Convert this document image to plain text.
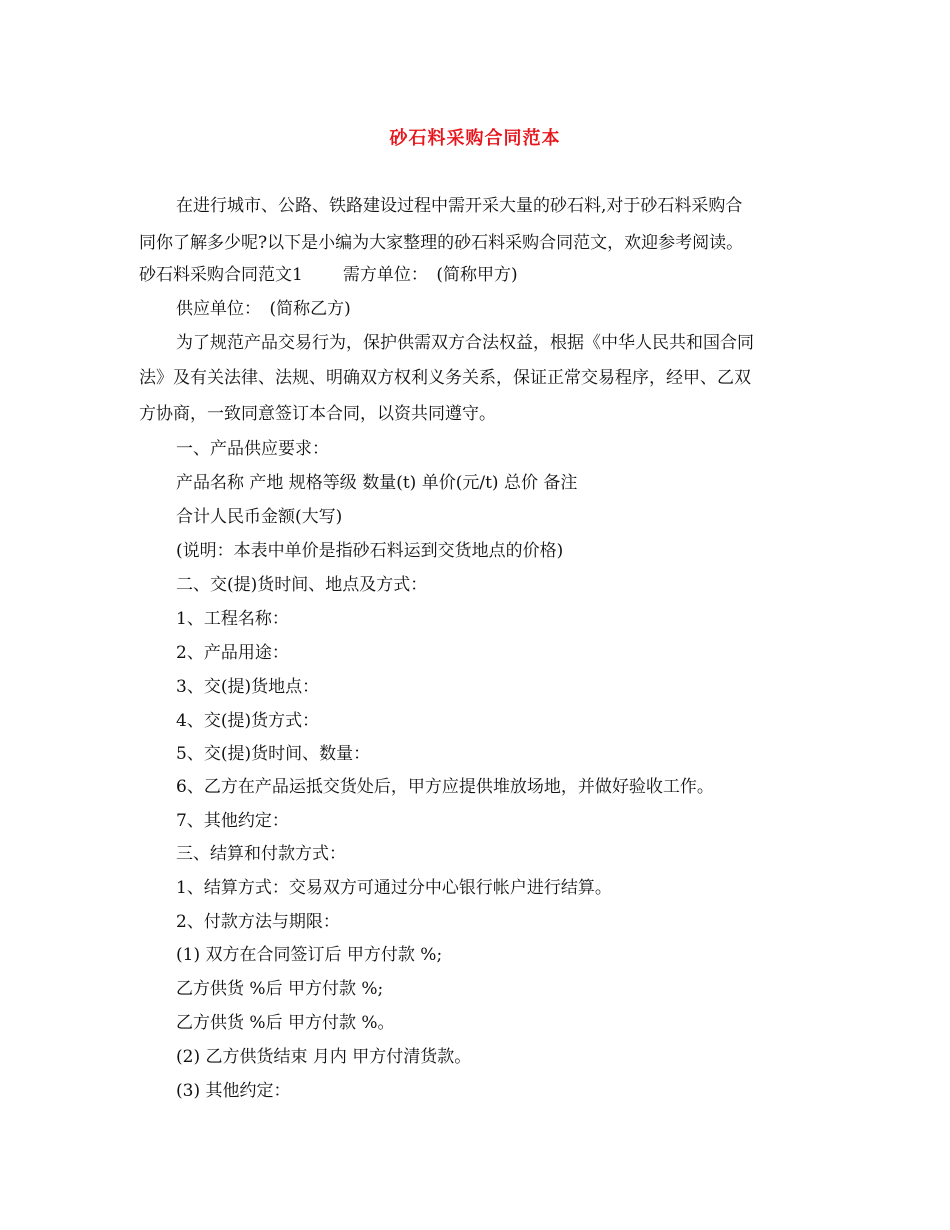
砂石料采购合同范本
在进行城市、公路、铁路建设过程中需开采大量的砂石料,对于砂石料采购合
同你了解多少呢?以下是小编为大家整理的砂石料采购合同范文，欢迎参考阅读。
砂石料采购合同范文1 需方单位：　(简称甲方)
供应单位：　(简称乙方)
为了规范产品交易行为，保护供需双方合法权益，根据《中华人民共和国合同
法》及有关法律、法规、明确双方权利义务关系，保证正常交易程序，经甲、乙双
方协商，一致同意签订本合同，以资共同遵守。
一、产品供应要求：
产品名称 产地 规格等级 数量(t) 单价(元/t) 总价 备注
合计人民币金额(大写)
(说明：本表中单价是指砂石料运到交货地点的价格)
二、交(提)货时间、地点及方式：
1、工程名称：
2、产品用途：
3、交(提)货地点：
4、交(提)货方式：
5、交(提)货时间、数量：
6、乙方在产品运抵交货处后，甲方应提供堆放场地，并做好验收工作。
7、其他约定：
三、结算和付款方式：
1、结算方式：交易双方可通过分中心银行帐户进行结算。
2、付款方法与期限：
(1) 双方在合同签订后 甲方付款 %;
乙方供货 %后 甲方付款 %;
乙方供货 %后 甲方付款 %。
(2) 乙方供货结束 月内 甲方付清货款。
(3) 其他约定：
